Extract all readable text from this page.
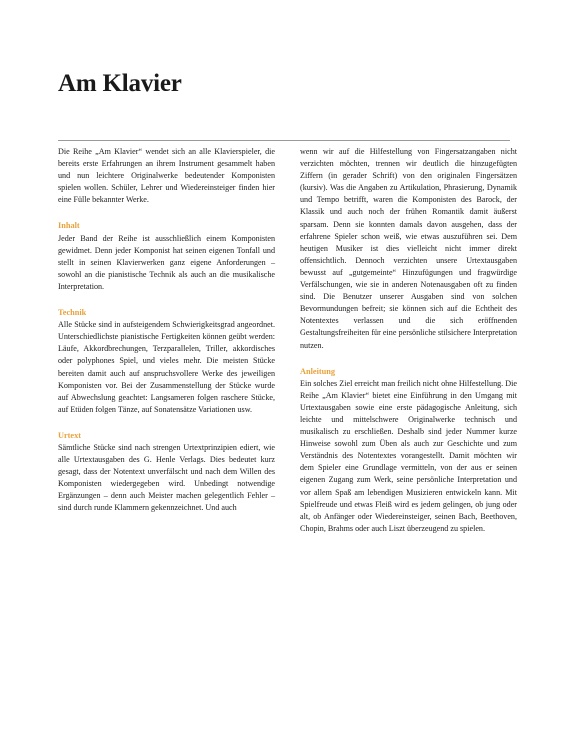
Am Klavier

Die Reihe „Am Klavier“ wendet sich an alle Klavierspieler, die bereits erste Erfahrungen an ihrem Instrument gesammelt haben und nun leichtere Originalwerke bedeutender Komponisten spielen wollen. Schüler, Lehrer und Wiedereinsteiger finden hier eine Fülle bekannter Werke.

Inhalt

Jeder Band der Reihe ist ausschließlich einem Komponisten gewidmet. Denn jeder Komponist hat seinen eigenen Tonfall und stellt in seinen Klavierwerken ganz eigene Anforderungen – sowohl an die pianistische Technik als auch an die musikalische Interpretation.

Technik

Alle Stücke sind in aufsteigendem Schwierigkeitsgrad angeordnet. Unterschiedlichste pianistische Fertigkeiten können geübt werden: Läufe, Akkordbrechungen, Terzparallelen, Triller, akkordisches oder polyphones Spiel, und vieles mehr. Die meisten Stücke bereiten damit auch auf anspruchsvollere Werke des jeweiligen Komponisten vor. Bei der Zusammenstellung der Stücke wurde auf Abwechslung geachtet: Langsameren folgen raschere Stücke, auf Etüden folgen Tänze, auf Sonatensätze Variationen usw.

Urtext

Sämtliche Stücke sind nach strengen Urtextprinzipien ediert, wie alle Urtextausgaben des G. Henle Verlags. Dies bedeutet kurz gesagt, dass der Notentext unverfälscht und nach dem Willen des Komponisten wiedergegeben wird. Unbedingt notwendige Ergänzungen – denn auch Meister machen gelegentlich Fehler – sind durch runde Klammern gekennzeichnet. Und auch

wenn wir auf die Hilfestellung von Fingersatzangaben nicht verzichten möchten, trennen wir deutlich die hinzugefügten Ziffern (in gerader Schrift) von den originalen Fingersätzen (kursiv). Was die Angaben zu Artikulation, Phrasierung, Dynamik und Tempo betrifft, waren die Komponisten des Barock, der Klassik und auch noch der frühen Romantik damit äußerst sparsam. Denn sie konnten damals davon ausgehen, dass der erfahrene Spieler schon weiß, wie etwas auszuführen sei. Dem heutigen Musiker ist dies vielleicht nicht immer direkt offensichtlich. Dennoch verzichten unsere Urtextausgaben bewusst auf „gutgemeinte“ Hinzufügungen und fragwürdige Verfälschungen, wie sie in anderen Notenausgaben oft zu finden sind. Die Benutzer unserer Ausgaben sind von solchen Bevormundungen befreit; sie können sich auf die Echtheit des Notentextes verlassen und die sich eröffnenden Gestaltungsfreiheiten für eine persönliche stilsichere Interpretation nutzen.

Anleitung

Ein solches Ziel erreicht man freilich nicht ohne Hilfestellung. Die Reihe „Am Klavier“ bietet eine Einführung in den Umgang mit Urtextausgaben sowie eine erste pädagogische Anleitung, sich leichte und mittelschwere Originalwerke technisch und musikalisch zu erschließen. Deshalb sind jeder Nummer kurze Hinweise sowohl zum Üben als auch zur Geschichte und zum Verständnis des Notentextes vorangestellt. Damit möchten wir dem Spieler eine Grundlage vermitteln, von der aus er seinen eigenen Zugang zum Werk, seine persönliche Interpretation und vor allem Spaß am lebendigen Musizieren entwickeln kann. Mit Spielfreude und etwas Fleiß wird es jedem gelingen, ob jung oder alt, ob Anfänger oder Wiedereinsteiger, seinen Bach, Beethoven, Chopin, Brahms oder auch Liszt überzeugend zu spielen.
